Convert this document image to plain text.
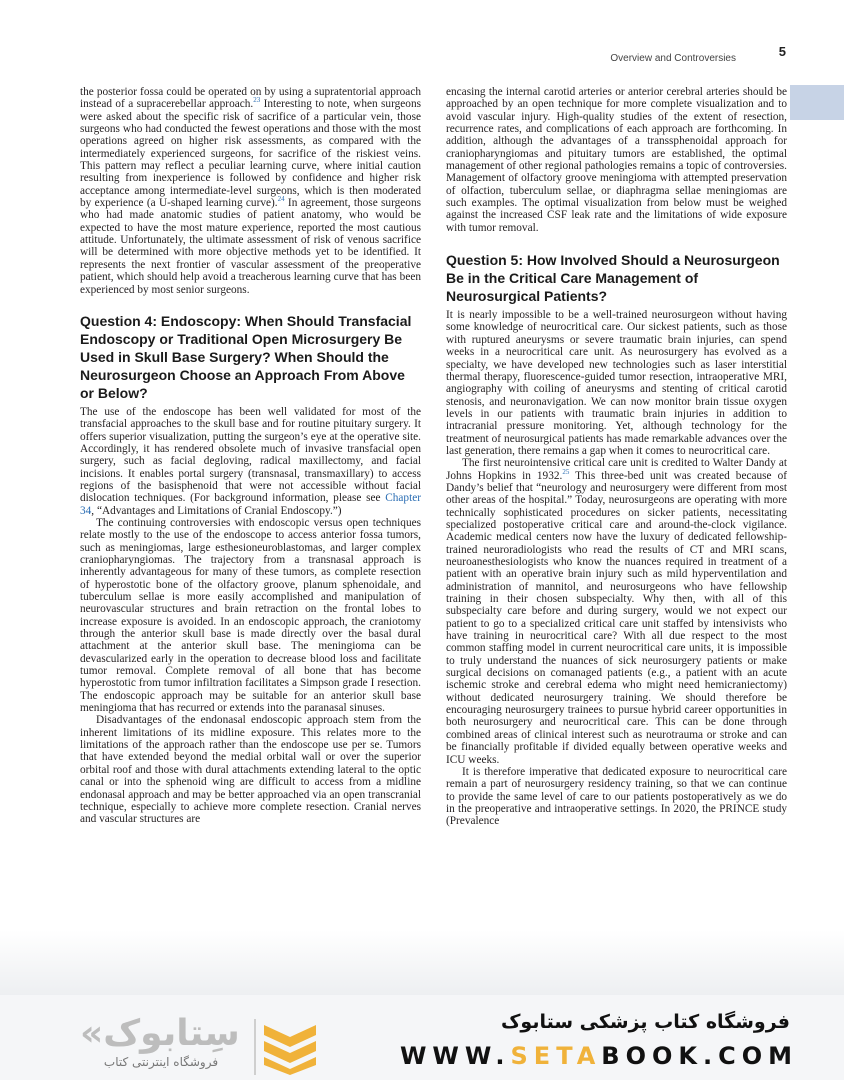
Overview and Controversies	5

the posterior fossa could be operated on by using a supratentorial approach instead of a supracerebellar approach.$^{23}$ Interesting to note, when surgeons were asked about the specific risk of sacrifice of a particular vein, those surgeons who had conducted the fewest operations and those with the most operations agreed on higher risk assessments, as compared with the intermediately experienced surgeons, for sacrifice of the riskiest veins. This pattern may reflect a peculiar learning curve, where initial caution resulting from inexperience is followed by confidence and higher risk acceptance among intermediate-level surgeons, which is then moderated by experience (a U-shaped learning curve).$^{24}$ In agreement, those surgeons who had made anatomic studies of patient anatomy, who would be expected to have the most mature experience, reported the most cautious attitude. Unfortunately, the ultimate assessment of risk of venous sacrifice will be determined with more objective methods yet to be identified. It represents the next frontier of vascular assessment of the preoperative patient, which should help avoid a treacherous learning curve that has been experienced by most senior surgeons.

Question 4: Endoscopy: When Should Transfacial Endoscopy or Traditional Open Microsurgery Be Used in Skull Base Surgery? When Should the Neurosurgeon Choose an Approach From Above or Below?

The use of the endoscope has been well validated for most of the transfacial approaches to the skull base and for routine pituitary surgery. It offers superior visualization, putting the surgeon’s eye at the operative site. Accordingly, it has rendered obsolete much of invasive transfacial open surgery, such as facial degloving, radical maxillectomy, and facial incisions. It enables portal surgery (transnasal, transmaxillary) to access regions of the basisphenoid that were not accessible without facial dislocation techniques. (For background information, please see Chapter 34, “Advantages and Limitations of Cranial Endoscopy.”)

The continuing controversies with endoscopic versus open techniques relate mostly to the use of the endoscope to access anterior fossa tumors, such as meningiomas, large esthesioneuroblastomas, and larger complex craniopharyngiomas. The trajectory from a transnasal approach is inherently advantageous for many of these tumors, as complete resection of hyperostotic bone of the olfactory groove, planum sphenoidale, and tuberculum sellae is more easily accomplished and manipulation of neurovascular structures and brain retraction on the frontal lobes to increase exposure is avoided. In an endoscopic approach, the craniotomy through the anterior skull base is made directly over the basal dural attachment at the anterior skull base. The meningioma can be devascularized early in the operation to decrease blood loss and facilitate tumor removal. Complete removal of all bone that has become hyperostotic from tumor infiltration facilitates a Simpson grade I resection. The endoscopic approach may be suitable for an anterior skull base meningioma that has recurred or extends into the paranasal sinuses.

Disadvantages of the endonasal endoscopic approach stem from the inherent limitations of its midline exposure. This relates more to the limitations of the approach rather than the endoscope use per se. Tumors that have extended beyond the medial orbital wall or over the superior orbital roof and those with dural attachments extending lateral to the optic canal or into the sphenoid wing are difficult to access from a midline endonasal approach and may be better approached via an open transcranial technique, especially to achieve more complete resection. Cranial nerves and vascular structures are

encasing the internal carotid arteries or anterior cerebral arteries should be approached by an open technique for more complete visualization and to avoid vascular injury. High-quality studies of the extent of resection, recurrence rates, and complications of each approach are forthcoming. In addition, although the advantages of a transsphenoidal approach for craniopharyngiomas and pituitary tumors are established, the optimal management of other regional pathologies remains a topic of controversies. Management of olfactory groove meningioma with attempted preservation of olfaction, tuberculum sellae, or diaphragma sellae meningiomas are such examples. The optimal visualization from below must be weighed against the increased CSF leak rate and the limitations of wide exposure with tumor removal.

Question 5: How Involved Should a Neurosurgeon Be in the Critical Care Management of Neurosurgical Patients?

It is nearly impossible to be a well-trained neurosurgeon without having some knowledge of neurocritical care. Our sickest patients, such as those with ruptured aneurysms or severe traumatic brain injuries, can spend weeks in a neurocritical care unit. As neurosurgery has evolved as a specialty, we have developed new technologies such as laser interstitial thermal therapy, fluorescence-guided tumor resection, intraoperative MRI, angiography with coiling of aneurysms and stenting of critical carotid stenosis, and neuronavigation. We can now monitor brain tissue oxygen levels in our patients with traumatic brain injuries in addition to intracranial pressure monitoring. Yet, although technology for the treatment of neurosurgical patients has made remarkable advances over the last generation, there remains a gap when it comes to neurocritical care.

The first neurointensive critical care unit is credited to Walter Dandy at Johns Hopkins in 1932.25 This three-bed unit was created because of Dandy’s belief that “neurology and neurosurgery were different from most other areas of the hospital.” Today, neurosurgeons are operating with more technically sophisticated procedures on sicker patients, necessitating specialized postoperative critical care and around-the-clock vigilance. Academic medical centers now have the luxury of dedicated fellowship-trained neuroradiologists who read the results of CT and MRI scans, neuroanesthesiologists who know the nuances required in treatment of a patient with an operative brain injury such as mild hyperventilation and administration of mannitol, and neurosurgeons who have fellowship training in their chosen subspecialty. Why then, with all of this subspecialty care before and during surgery, would we not expect our patient to go to a specialized critical care unit staffed by intensivists who have training in neurocritical care? With all due respect to the most common staffing model in current neurocritical care units, it is impossible to truly understand the nuances of sick neurosurgery patients or make surgical decisions on comanaged patients (e.g., a patient with an acute ischemic stroke and cerebral edema who might need hemicraniectomy) without dedicated neurosurgery training. We should therefore be encouraging neurosurgery trainees to pursue hybrid career opportunities in both neurosurgery and neurocritical care. This can be done through combined areas of clinical interest such as neurotrauma or stroke and can be financially profitable if divided equally between operative weeks and ICU weeks.

It is therefore imperative that dedicated exposure to neurocritical care remain a part of neurosurgery residency training, so that we can continue to provide the same level of care to our patients postoperatively as we do in the preoperative and intraoperative settings. In 2020, the PRINCE study (Prevalence

«سِتابوک
فروشگاه اینترنتی کتاب
فروشگاه کتاب پزشکی ستابوک
WWW.SETABOOK.COM
